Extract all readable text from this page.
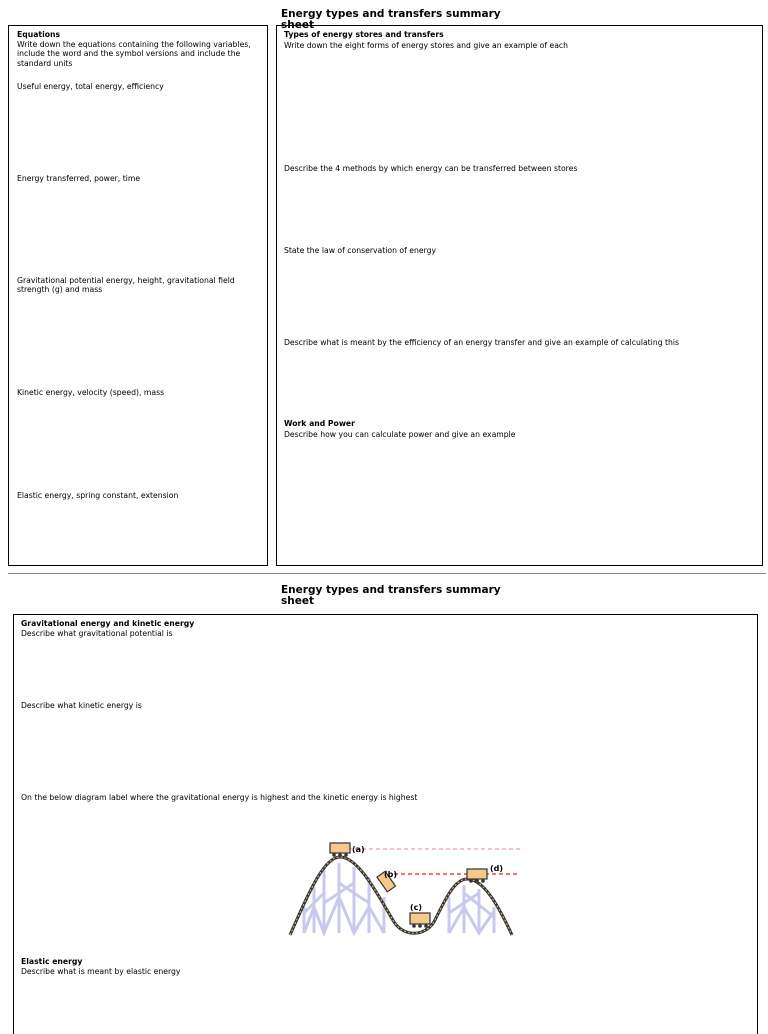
Energy types and transfers summary sheet
Equations
Write down the equations containing the following variables, include the word and the symbol versions and include the standard units
Useful energy, total energy, efficiency
Energy transferred, power, time
Gravitational potential energy, height, gravitational field strength (g) and mass
Kinetic energy, velocity (speed), mass
Elastic energy, spring constant, extension
Types of energy stores and transfers
Write down the eight forms of energy stores and give an example of each
Describe the 4 methods by which energy can be transferred between stores
State the law of conservation of energy
Describe what is meant by the efficiency of an energy transfer and give an example of calculating this
Work and Power
Describe how you can calculate power and give an example
Energy types and transfers summary sheet
Gravitational energy and kinetic energy
Describe what gravitational potential is
Describe what kinetic energy is
On the below diagram label where the gravitational energy is highest and the kinetic energy is highest
(a)
(b)
(c)
(d)
Elastic energy
Describe what is meant by elastic energy
